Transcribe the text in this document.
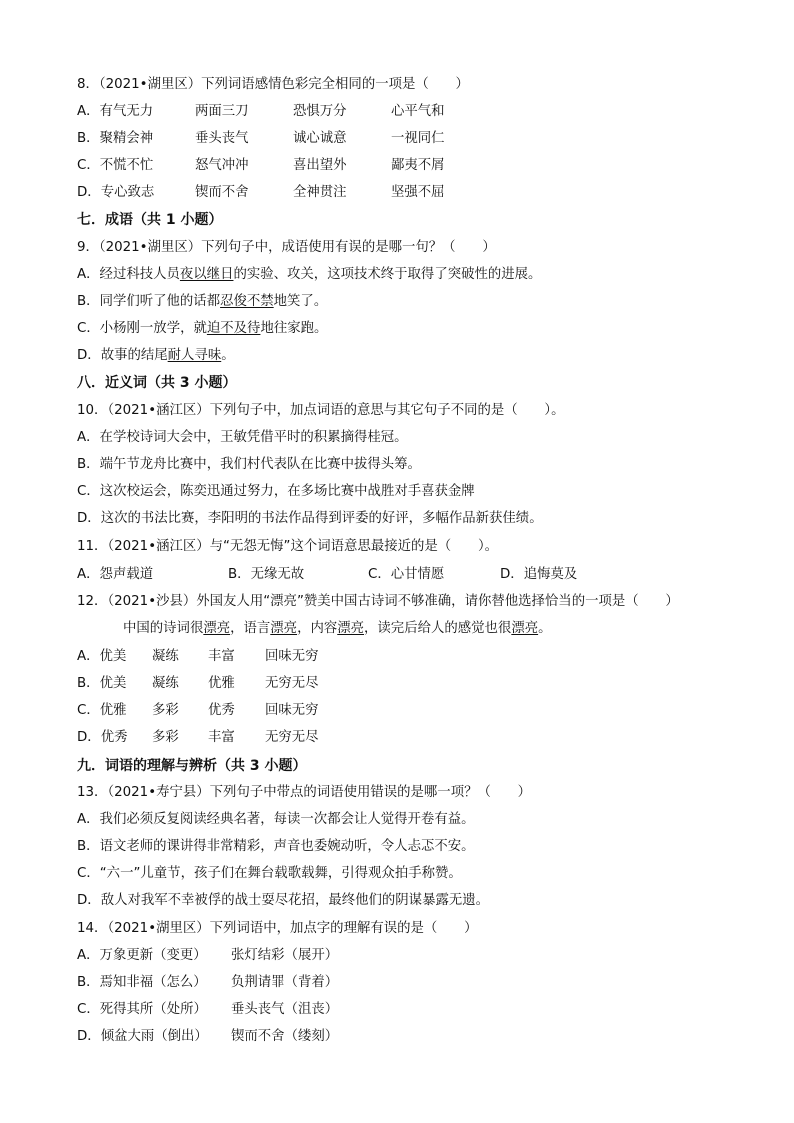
8．（2021•湖里区）下列词语感情色彩完全相同的一项是（　　）
A．有气无力	两面三刀	恐惧万分	心平气和
B．聚精会神	垂头丧气	诚心诚意	一视同仁
C．不慌不忙	怒气冲冲	喜出望外	鄙夷不屑
D．专心致志	锲而不舍	全神贯注	坚强不屈
七．成语（共 1 小题）
9．（2021•湖里区）下列句子中，成语使用有误的是哪一句？（　　）
A．经过科技人员夜以继日的实验、攻关，这项技术终于取得了突破性的进展。
B．同学们听了他的话都忍俊不禁地笑了。
C．小杨刚一放学，就迫不及待地往家跑。
D．故事的结尾耐人寻味。
八．近义词（共 3 小题）
10．（2021•涵江区）下列句子中，加点词语的意思与其它句子不同的是（　　）。
A．在学校诗词大会中，王敏凭借平时的积累摘得桂冠。
B．端午节龙舟比赛中，我们村代表队在比赛中拔得头筹。
C．这次校运会，陈奕迅通过努力，在多场比赛中战胜对手喜获金牌
D．这次的书法比赛，李阳明的书法作品得到评委的好评，多幅作品新获佳绩。
11．（2021•涵江区）与“无怨无悔”这个词语意思最接近的是（　　）。
A．怨声载道	B．无缘无故	C．心甘情愿	D．追悔莫及
12．（2021•沙县）外国友人用“漂亮”赞美中国古诗词不够准确，请你替他选择恰当的一项是（　　）
中国的诗词很漂亮，语言漂亮，内容漂亮，读完后给人的感觉也很漂亮。
A．优美 凝练 丰富 回味无穷
B．优美 凝练 优雅 无穷无尽
C．优雅 多彩 优秀 回味无穷
D．优秀 多彩 丰富 无穷无尽
九．词语的理解与辨析（共 3 小题）
13．（2021•寿宁县）下列句子中带点的词语使用错误的是哪一项？（　　）
A．我们必须反复阅读经典名著，每读一次都会让人觉得开卷有益。
B．语文老师的课讲得非常精彩，声音也委婉动听，令人忐忑不安。
C．“六一”儿童节，孩子们在舞台载歌载舞，引得观众拍手称赞。
D．敌人对我军不幸被俘的战士耍尽花招，最终他们的阴谋暴露无遗。
14．（2021•湖里区）下列词语中，加点字的理解有误的是（　　）
A．万象更新（变更） 张灯结彩（展开）
B．焉知非福（怎么） 负荆请罪（背着）
C．死得其所（处所） 垂头丧气（沮丧）
D．倾盆大雨（倒出） 锲而不舍（缕刻）
